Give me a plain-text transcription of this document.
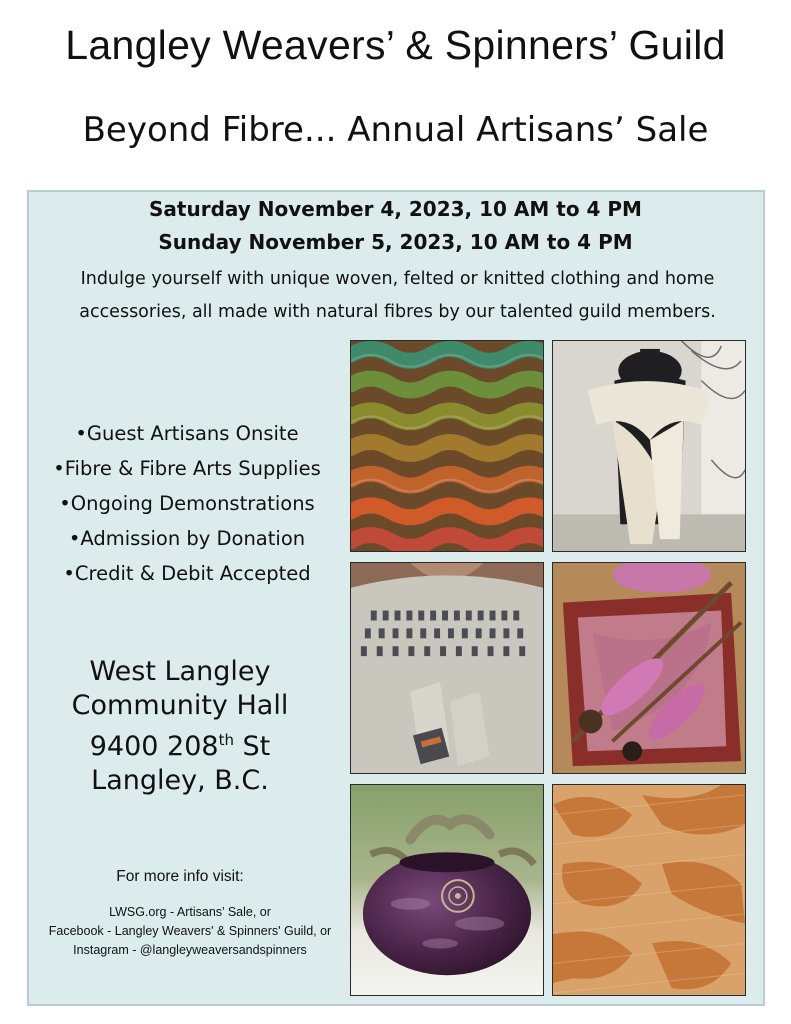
Langley Weavers’ & Spinners’ Guild
Beyond Fibre... Annual Artisans’ Sale
Saturday November 4, 2023, 10 AM to 4 PM
Sunday November 5, 2023, 10 AM to 4 PM
Indulge yourself with unique woven, felted or knitted clothing and home
accessories, all made with natural fibres by our talented guild members.
•Guest Artisans Onsite
•Fibre & Fibre Arts Supplies
•Ongoing Demonstrations
•Admission by Donation
•Credit & Debit Accepted
West Langley
Community Hall
9400 208th St
Langley, B.C.
For more info visit:
LWSG.org - Artisans’ Sale, or
Facebook - Langley Weavers' & Spinners' Guild, or
Instagram - @langleyweaversandspinners
